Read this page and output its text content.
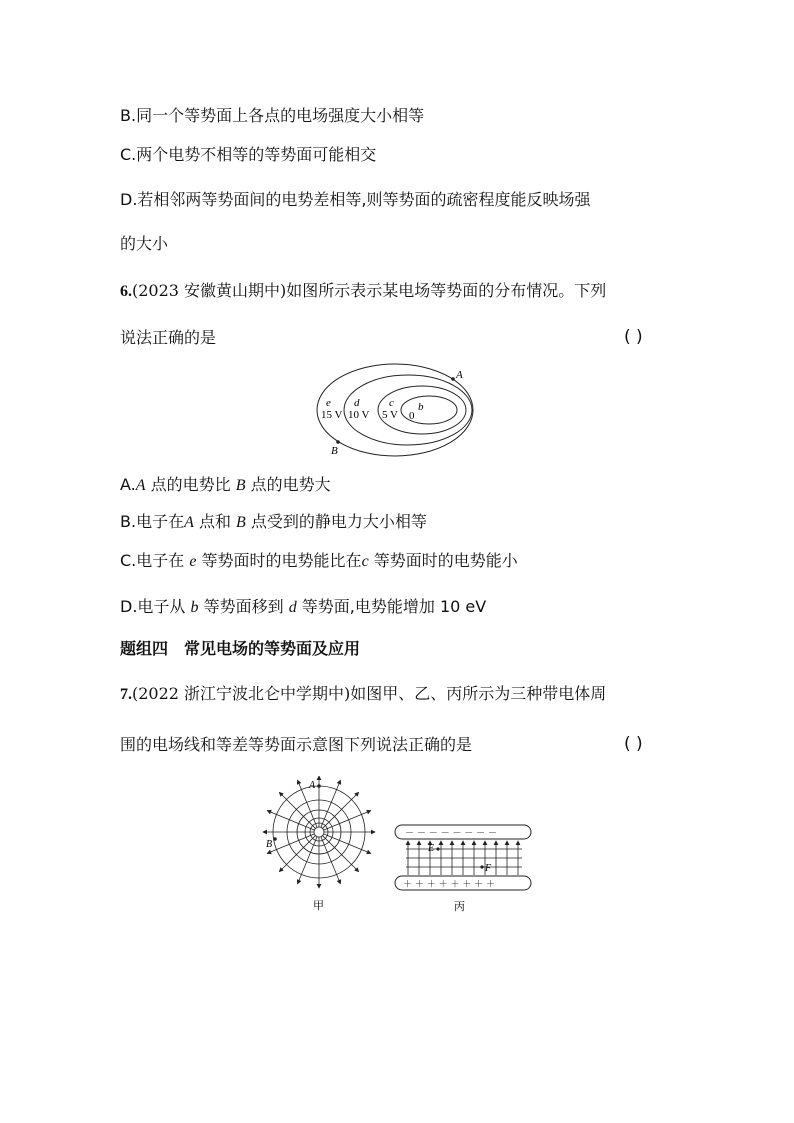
B.同一个等势面上各点的电场强度大小相等
C.两个电势不相等的等势面可能相交
D.若相邻两等势面间的电势差相等,则等势面的疏密程度能反映场强
的大小
6.(2023 安徽黄山期中)如图所示表示某电场等势面的分布情况。下列
说法正确的是	( )
A
B
e
15 V
d
10 V
c
5 V
b
0
A.A 点的电势比 B 点的电势大
B.电子在A 点和 B 点受到的静电力大小相等
C.电子在 e 等势面时的电势能比在c 等势面时的电势能小
D.电子从 b 等势面移到 d 等势面,电势能增加 10 eV
题组四　常见电场的等势面及应用
7.(2022 浙江宁波北仑中学期中)如图甲、乙、丙所示为三种带电体周
围的电场线和等差等势面示意图下列说法正确的是	( )
A
B
甲
－ － － － － － － －
＋ ＋ ＋ ＋ ＋ ＋ ＋ ＋
E
F
丙
